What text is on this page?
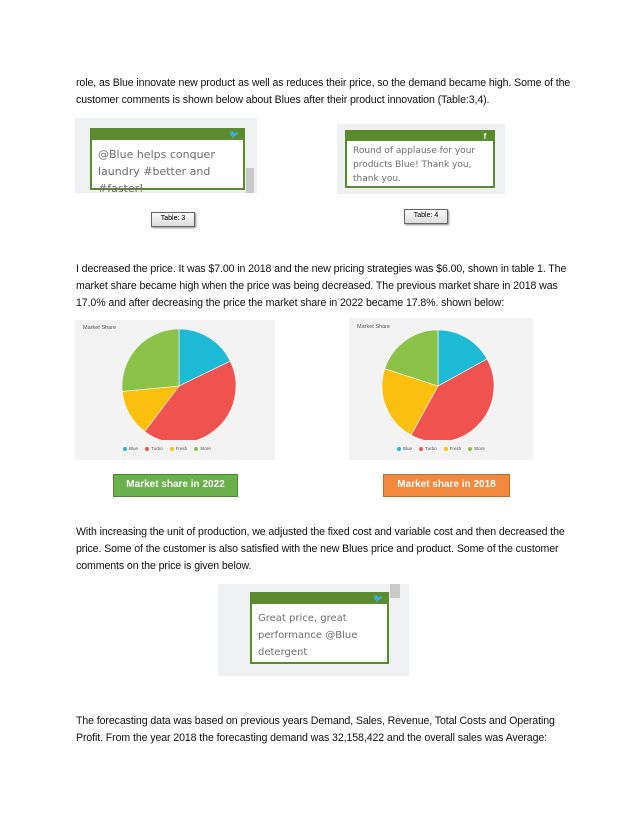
role, as Blue innovate new product as well as reduces their price, so the demand became high. Some of the customer comments is shown below about Blues after their product innovation (Table:3,4).
🐦
@Blue helps conquer laundry #better and #faster!
Table: 3
f
Round of applause for your products Blue! Thank you, thank you.
Table: 4
I decreased the price. It was $7.00 in 2018 and the new pricing strategies was $6.00, shown in table 1. The market share became high when the price was being decreased. The previous market share in 2018 was 17.0% and after decreasing the price the market share in 2022 became 17.8%. shown below:
Market Share
Blue	Turbo	Fresh	Store
Market share in 2022
Market Share
Blue	Turbo	Fresh	Store
Market share in 2018
With increasing the unit of production, we adjusted the fixed cost and variable cost and then decreased the price. Some of the customer is also satisfied with the new Blues price and product. Some of the customer comments on the price is given below.
🐦
Great price, great performance @Blue detergent
The forecasting data was based on previous years Demand, Sales, Revenue, Total Costs and Operating Profit. From the year 2018 the forecasting demand was 32,158,422 and the overall sales was Average:
